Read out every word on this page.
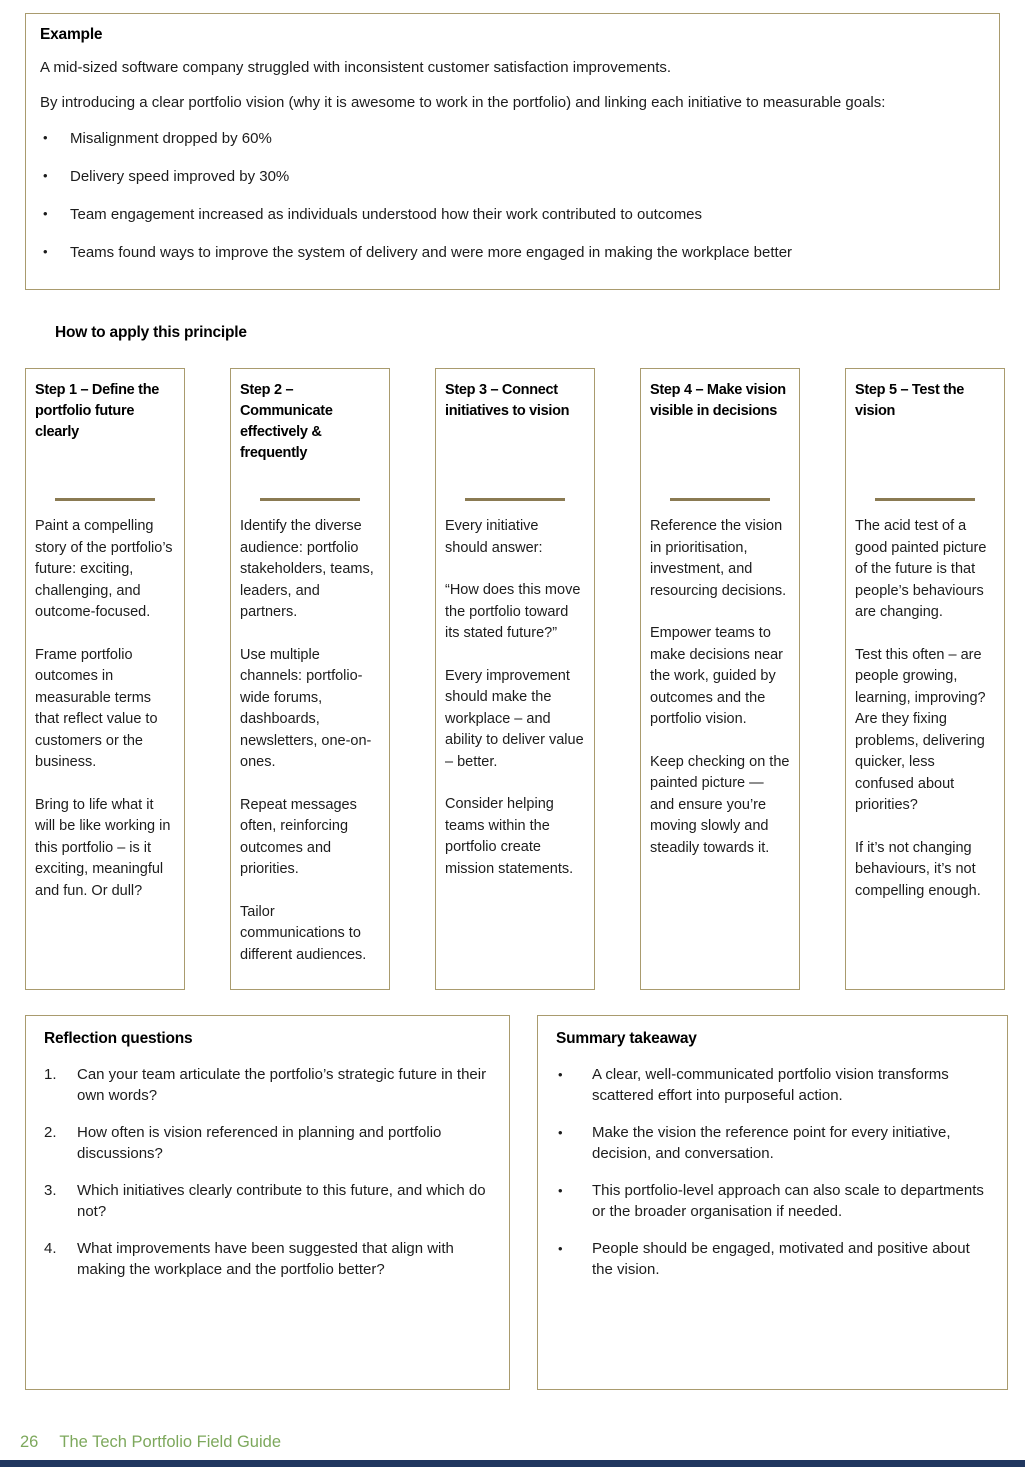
Example

A mid-sized software company struggled with inconsistent customer satisfaction improvements.

By introducing a clear portfolio vision (why it is awesome to work in the portfolio) and linking each initiative to measurable goals:

•	Misalignment dropped by 60%
•	Delivery speed improved by 30%
•	Team engagement increased as individuals understood how their work contributed to outcomes
•	Teams found ways to improve the system of delivery and were more engaged in making the workplace better
How to apply this principle
Step 1 – Define the portfolio future clearly

Paint a compelling story of the portfolio’s future: exciting, challenging, and outcome-focused.

Frame portfolio outcomes in measurable terms that reflect value to customers or the business.

Bring to life what it will be like working in this portfolio – is it exciting, meaningful and fun. Or dull?

Step 2 – Communicate effectively & frequently

Identify the diverse audience: portfolio stakeholders, teams, leaders, and partners.

Use multiple channels: portfolio-wide forums, dashboards, newsletters, one-on-ones.

Repeat messages often, reinforcing outcomes and priorities.

Tailor communications to different audiences.

Step 3 – Connect initiatives to vision

Every initiative should answer:

“How does this move the portfolio toward its stated future?”

Every improvement should make the workplace – and ability to deliver value – better.

Consider helping teams within the portfolio create mission statements.

Step 4 – Make vision visible in decisions

Reference the vision in prioritisation, investment, and resourcing decisions.

Empower teams to make decisions near the work, guided by outcomes and the portfolio vision.

Keep checking on the painted picture — and ensure you’re moving slowly and steadily towards it.

Step 5 – Test the vision

The acid test of a good painted picture of the future is that people’s behaviours are changing.

Test this often – are people growing, learning, improving? Are they fixing problems, delivering quicker, less confused about priorities?

If it’s not changing behaviours, it’s not compelling enough.

Reflection questions
1.	Can your team articulate the portfolio’s strategic future in their own words?
2.	How often is vision referenced in planning and portfolio discussions?
3.	Which initiatives clearly contribute to this future, and which do not?
4.	What improvements have been suggested that align with making the workplace and the portfolio better?
Summary takeaway
•	A clear, well-communicated portfolio vision transforms scattered effort into purposeful action.
•	Make the vision the reference point for every initiative, decision, and conversation.
•	This portfolio-level approach can also scale to departments or the broader organisation if needed.
•	People should be engaged, motivated and positive about the vision.
26 The Tech Portfolio Field Guide
